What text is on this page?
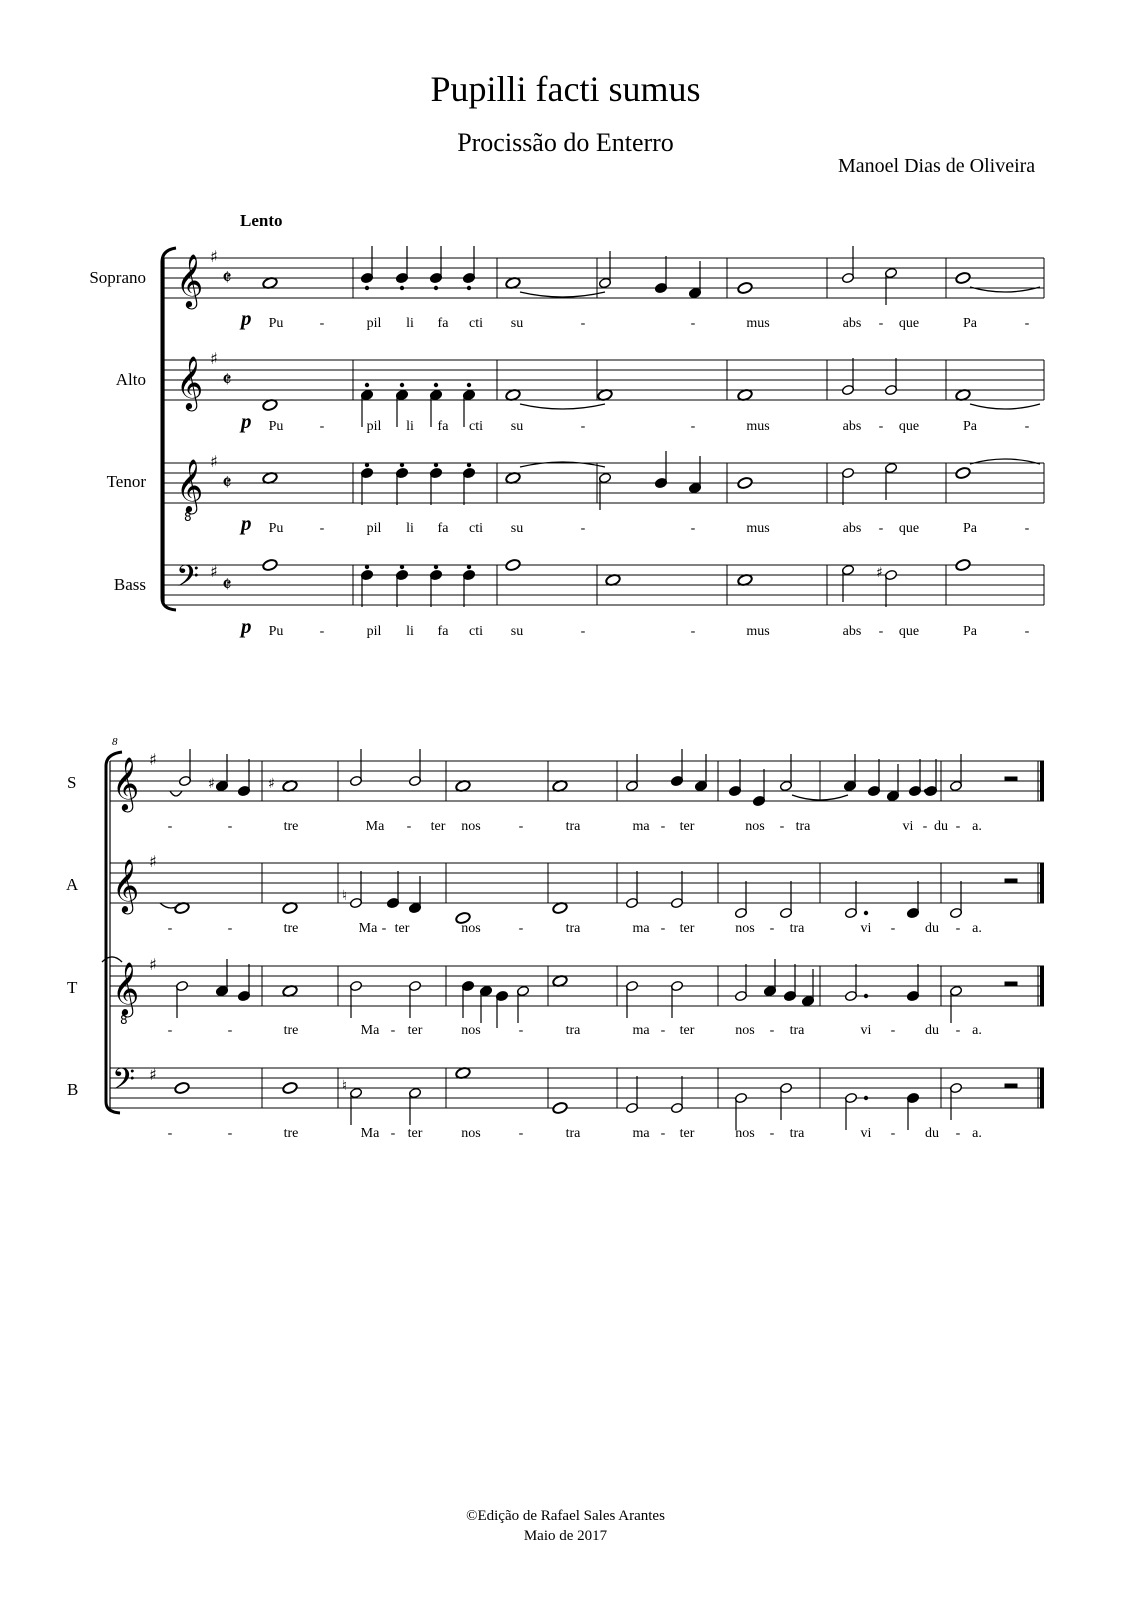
Pupilli facti sumus
Procissão do Enterro
Manoel Dias de Oliveira
Lento
Soprano
Alto
Tenor
Bass
S
A
T
B
8
p
p
p
p
Pu	-	pil li fa cti su	-	-	mus	abs - que	Pa	-
Pu	-	pil li fa cti su	-	-	mus	abs - que	Pa	-
Pu	-	pil li fa cti su	-	-	mus	abs - que	Pa	-
Pu	-	pil li fa cti su	-	-	mus	abs - que	Pa	-
-	-	tre	Ma - ter nos	-	tra	ma - ter	nos - tra	vi - du - a.
-	-	tre	Ma - ter	nos	-	tra	ma - ter	nos - tra	vi - du - a.
-	-	tre	Ma - ter	nos	-	tra	ma - ter	nos - tra	vi - du - a.
-	-	tre	Ma - ter	nos	-	tra	ma - ter	nos - tra	vi - du - a.
𝄞 ♯
𝄵
𝄞 ♯
𝄵
𝄞
8
♯
𝄵
𝄢 ♯
𝄵	♯
𝄞 ♯
𝄞 ♯
𝄞
8
♯
𝄢 ♯
♯	♯
♮
♮
©Edição de Rafael Sales Arantes
Maio de 2017
